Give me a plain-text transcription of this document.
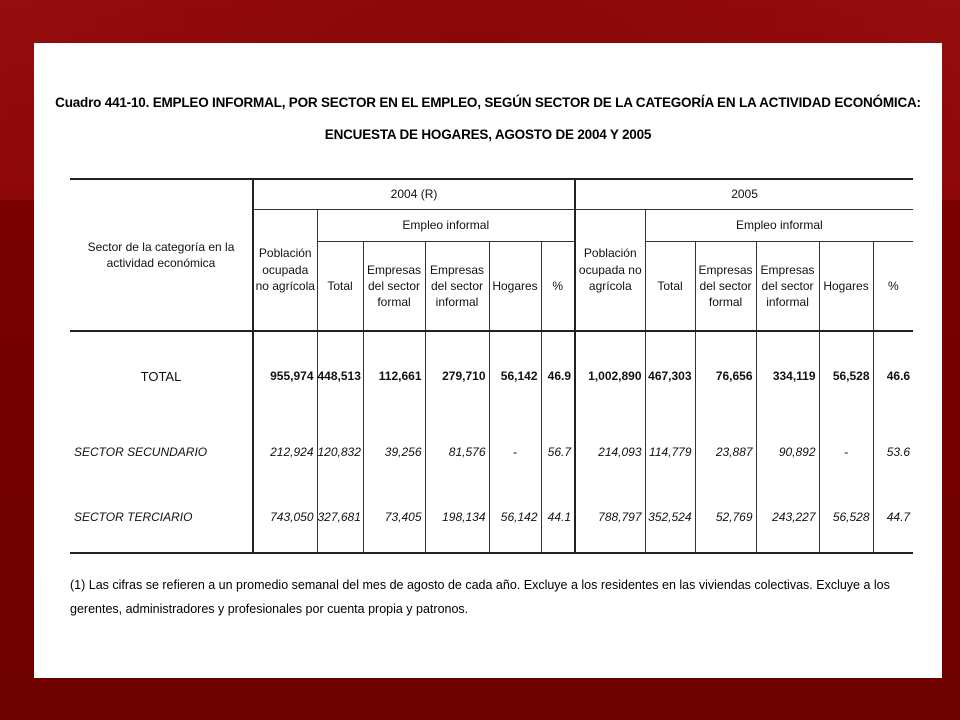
Cuadro 441-10. EMPLEO INFORMAL, POR SECTOR EN EL EMPLEO, SEGÚN SECTOR DE LA CATEGORÍA EN LA ACTIVIDAD ECONÓMICA:
ENCUESTA DE HOGARES, AGOSTO DE 2004 Y 2005
Sector de la categoría en la actividad económica	2004 (R)						2005					
	Población ocupada no agrícola	Empleo informal					Población ocupada no agrícola	Empleo informal				
		Total	Empresas del sector formal	Empresas del sector informal	Hogares	%		Total	Empresas del sector formal	Empresas del sector informal	Hogares	%

TOTAL	955,974	448,513	112,661	279,710	56,142	46.9	1,002,890	467,303	76,656	334,119	56,528	46.6
SECTOR SECUNDARIO	212,924	120,832	39,256	81,576	-	56.7	214,093	114,779	23,887	90,892	-	53.6
SECTOR TERCIARIO	743,050	327,681	73,405	198,134	56,142	44.1	788,797	352,524	52,769	243,227	56,528	44.7
(1) Las cifras se refieren a un promedio semanal del mes de agosto de cada año. Excluye a los residentes en las viviendas colectivas. Excluye a los gerentes, administradores y profesionales por cuenta propia y patronos.
